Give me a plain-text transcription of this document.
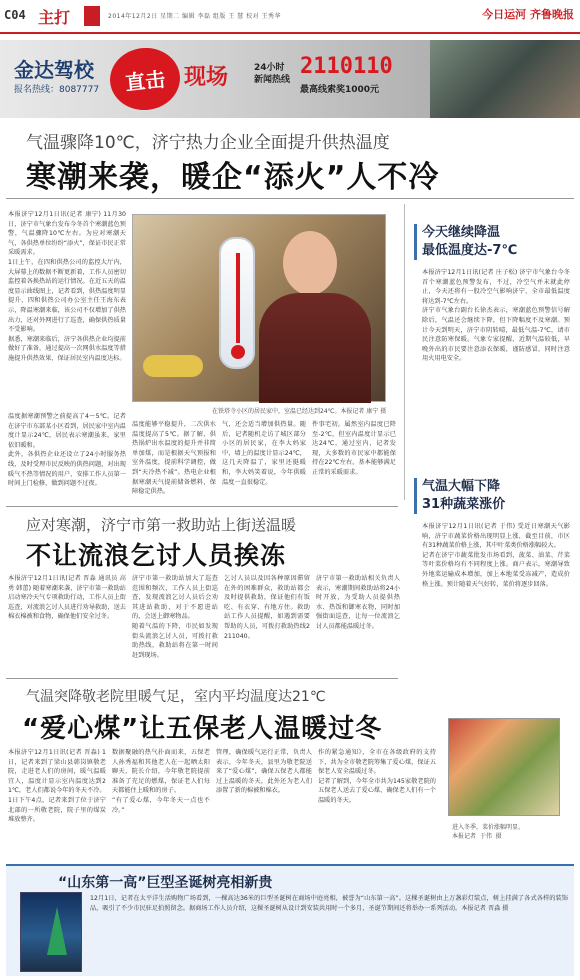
C04 主打	2014年12月2日 星期二 编辑 李磊 组版 王 慧 校对 王秀华	今日运河 齐鲁晚报
金达驾校
报名热线：8087777	直击 现场	24小时
新闻热线
2110110
最高线索奖1000元
气温骤降10℃，济宁热力企业全面提升供热温度
寒潮来袭，暖企“添火”人不冷
本报济宁12月1日讯(记者 康宁) 11月30日，济宁市气象台发布今冬首个寒潮蓝色预警，气温骤降10℃左右。为应对寒潮天气，各供热单位纷纷“添火”，保证市民正常采暖需求。
1日上午，在四和供热公司的监控大厅内，大屏幕上的数据不断更新着，工作人员密切监控着各换热站的运行情况。在近五天的温度显示曲线图上，记者看到，供热温度明显提升，四和供热公司办公室主任王海东表示，降温寒潮来临，该公司不仅增加了供热出力，还对外网进行了巡查，确保供热质量不受影响。
据悉，寒潮来临后，济宁各供热企业均提前做好了准备，通过提高一次网供水温度等措施提升供热效果，保证居民室内温度达标。
温度据寒潮预警之前提高了4～5℃。记者在济宁市东部某小区看到，居民家中室内温度计显示24℃，居民表示寒潮虽来，家里依旧暖和。
此外，各供热企业还设立了24小时服务热线，及时受理市民反映的供热问题，对出现暖气不热等情况的用户，安排工作人员第一时间上门检修，做到问题不过夜。
温度能够平稳提升，二次供水温度提高了5℃。据了解，供热锅炉出水温度的提升并非简单加煤，而是根据天气预报和室外温度，提前科学调控，做到“天冷热不减”。热电企业根据寒潮天气提前储备燃料，保障稳定供热。
气，还会适当增加供热量。随后，记者随机走访了城区部分小区的居民家，在李大妈家中，墙上的温度计显示24℃，这几天降温了，家里还挺暖和，李大妈笑着说，今年供暖温度一直很稳定。
件事宅初，属然室内温度已降至-2℃，但室内温度计显示已达24℃，通过室内，记者发现，大多数的市民家中都能保持在22℃左右，基本能够满足正常的采暖需求。
在铁塔寺小区的居民家中，室温已经达到24℃。本报记者 康宁 摄
今天继续降温
最低温度达-7℃
本报济宁12月1日讯(记者 庄子松) 济宁市气象台今冬首个寒潮蓝色预警发布，不过，冷空气并未就此停止，今天还将有一股冷空气影响济宁，全市最低温度将达到-7℃左右。
济宁市气象台副台长徐杰表示，寒潮蓝色预警信号解除后，气温还会继续下降，但下降幅度不及寒潮。预计今天到明天，济宁市阴转晴，最低气温-7℃，请市民注意防寒保暖。气象专家提醒，近期气温较低，早晚外出的市民要注意添衣保暖，谨防感冒，同时注意用火用电安全。
应对寒潮，济宁市第一救助站上街送温暖
不让流浪乞讨人员挨冻
本报济宁12月1日讯(记者 晋淼 通讯员 高勇 韩蕾) 随着寒潮来袭，济宁市第一救助站启动寒冷天气专项救助行动，工作人员上街巡查，对流浪乞讨人员进行劝导救助，送去棉衣棉被和食物，确保他们安全过冬。
济宁市第一救助站加大了巡查范围和频次，工作人员上街巡查，发现流浪乞讨人员后会劝其进站救助，对于不愿进站的，会送上御寒物品。
随着气温的下降，市民如发现街头流浪乞讨人员，可拨打救助热线，救助站将在第一时间赶到现场。
乞讨人员以及因各种原因滞留在外的困难群众，救助站都会及时提供救助，保证他们有饭吃、有衣穿、有地方住。救助站工作人员提醒，如遇到需要帮助的人员，可拨打救助热线2211040。
济宁市第一救助站相关负责人表示，寒潮期间救助站将24小时开放，为受助人员提供热水、热饭和御寒衣物，同时加强街面巡查，让每一位流浪乞讨人员都能温暖过冬。
气温大幅下降
31种蔬菜涨价
本报济宁12月1日讯(记者 于伟) 受近日寒潮天气影响，济宁市蔬菜价格出现明显上涨，截至目前，市区有31种蔬菜价格上涨，其中叶菜类价格涨幅较大。
记者在济宁市蔬菜批发市场看到，菠菜、油菜、芹菜等叶菜价格均有不同程度上涨。商户表示，寒潮导致外地菜运输成本增加，加上本地菜受冻减产，造成价格上涨。预计随着天气好转，菜价将逐步回落。
进入冬季，菜价涨幅明显。
本报记者  于伟  摄
气温突降敬老院里暖气足，室内平均温度达21℃
“爱心煤”让五保老人温暖过冬
本报济宁12月1日讯(记者 晋淼) 1日，记者来到了梁山县韩岗镇敬老院，走进老人们的房间，暖气温暖宜人，温度计显示室内温度达到21℃，老人们都说今年的冬天不冷。
1日下午4点，记者来到了位于济宁北部的一所敬老院，院子里的煤炭堆放整齐。
数据聚融的热气扑面而来，五保老人孙秀福和其他老人在一起晒太阳聊天，院长介绍，今年敬老院提前准备了充足的燃煤，保证老人们每天都能住上暖和的房子。
“有了爱心煤，今年冬天一点也不冷。”
管理，确保暖气运行正常，负责人表示，今年冬天，县里为敬老院送来了“爱心煤”，确保五保老人都能过上温暖的冬天，此外还为老人们添置了新的棉被和棉衣。
作的紧急通知》，全市在各级政府的支持下，共为全市敬老院筹集了爱心煤，保证五保老人安全温暖过冬。
记者了解到，今年全市共为145家敬老院的五保老人送去了爱心煤，确保老人们有一个温暖的冬天。
“山东第一高”巨型圣诞树亮相新贵
12月1日，记者在太平洋生活购物广场看到，一棵高达36米的巨型圣诞树在商场中庭亮相，被誉为“山东第一高”。这棵圣诞树由上万盏彩灯装点，树上挂满了各式各样的装饰品，吸引了不少市民驻足拍照留念。据商场工作人员介绍，这棵圣诞树从设计到安装共用时一个多月，圣诞节期间还将举办一系列活动。本报记者 晋淼 摄
